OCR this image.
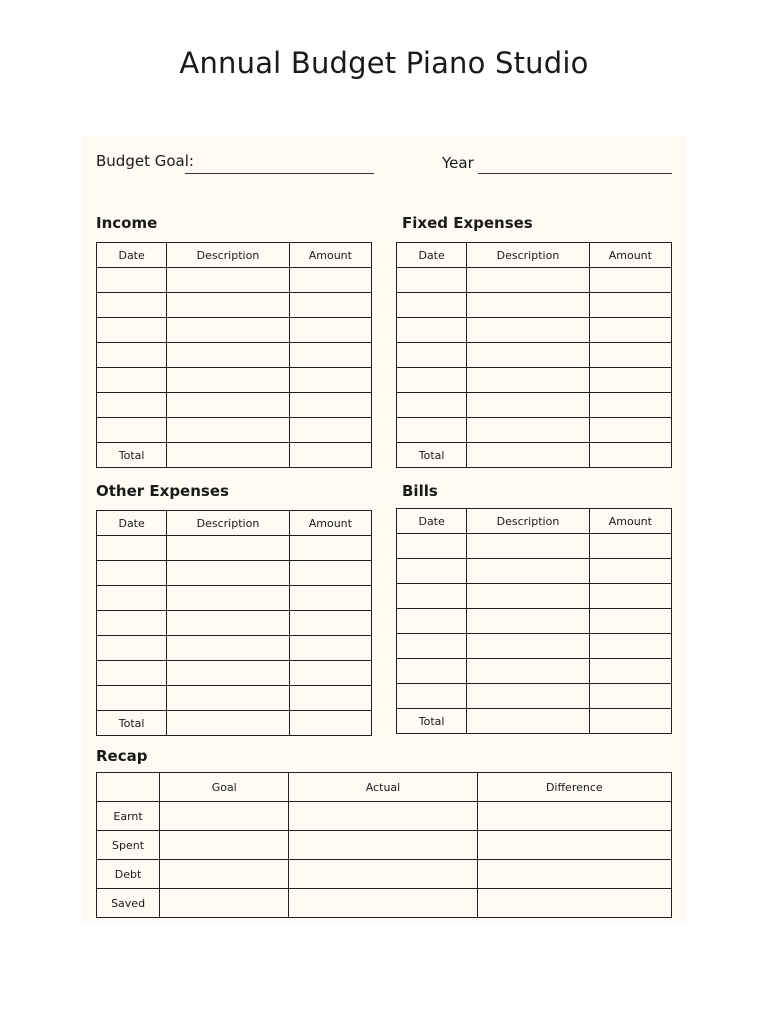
Annual Budget Piano Studio
Budget Goal:	Year
Income	Fixed Expenses
Other Expenses	Bills
Recap
Date	Description	Amount

Total		
Date	Description	Amount

Total		
Date	Description	Amount

Total		
Date	Description	Amount

Total		
	Goal	Actual	Difference
Earnt			
Spent			
Debt			
Saved			
